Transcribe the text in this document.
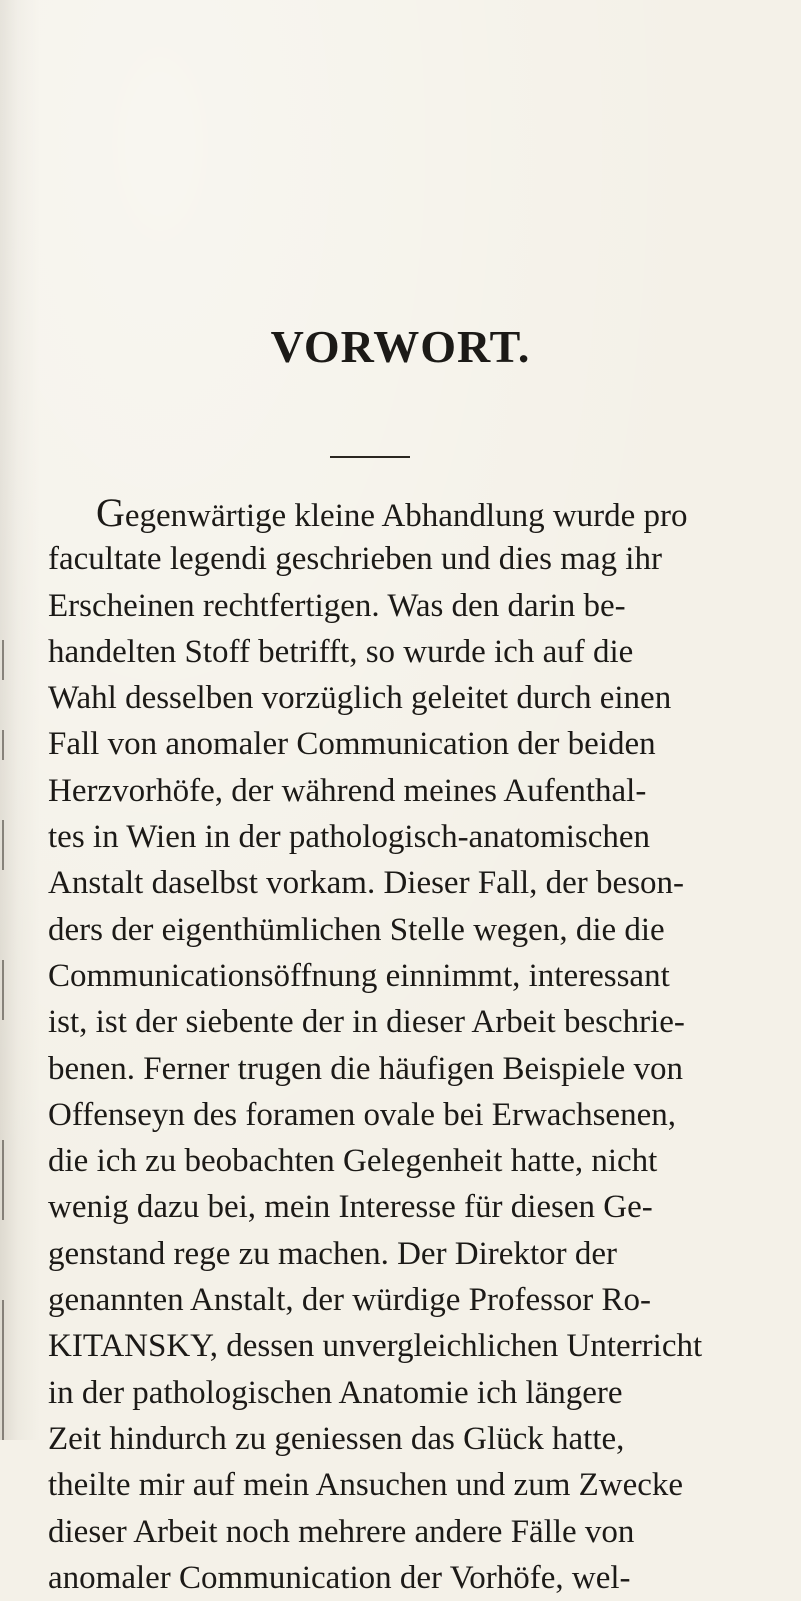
VORWORT.
Gegenwärtige kleine Abhandlung wurde pro
facultate legendi geschrieben und dies mag ihr
Erscheinen rechtfertigen. Was den darin be-
handelten Stoff betrifft, so wurde ich auf die
Wahl desselben vorzüglich geleitet durch einen
Fall von anomaler Communication der beiden
Herzvorhöfe, der während meines Aufenthal-
tes in Wien in der pathologisch-anatomischen
Anstalt daselbst vorkam. Dieser Fall, der beson-
ders der eigenthümlichen Stelle wegen, die die
Communicationsöffnung einnimmt, interessant
ist, ist der siebente der in dieser Arbeit beschrie-
benen. Ferner trugen die häufigen Beispiele von
Offenseyn des foramen ovale bei Erwachsenen,
die ich zu beobachten Gelegenheit hatte, nicht
wenig dazu bei, mein Interesse für diesen Ge-
genstand rege zu machen. Der Direktor der
genannten Anstalt, der würdige Professor Ro-
KITANSKY, dessen unvergleichlichen Unterricht
in der pathologischen Anatomie ich längere
Zeit hindurch zu geniessen das Glück hatte,
theilte mir auf mein Ansuchen und zum Zwecke
dieser Arbeit noch mehrere andere Fälle von
anomaler Communication der Vorhöfe, wel-
